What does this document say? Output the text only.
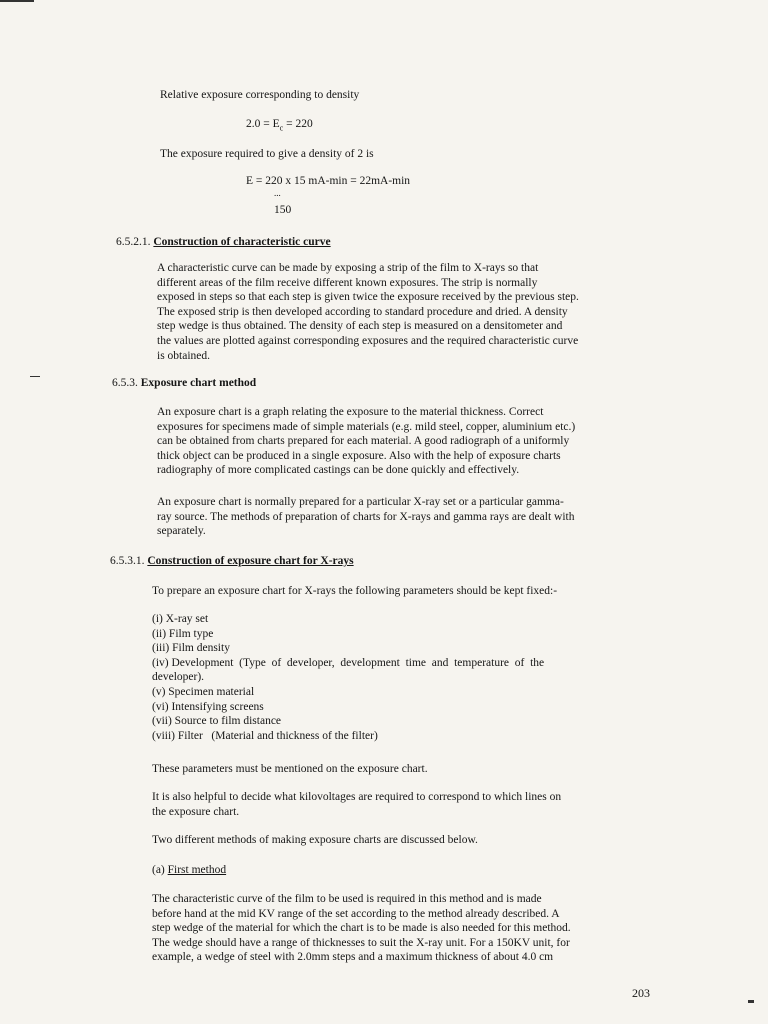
Relative exposure corresponding to density
$2.0 = E_c = 220$
The exposure required to give a density of 2 is
E = 220 x 15 mA-min = 22mA-min
...
150
6.5.2.1. Construction of characteristic curve
A characteristic curve can be made by exposing a strip of the film to X-rays so that
different areas of the film receive different known exposures. The strip is normally
exposed in steps so that each step is given twice the exposure received by the previous step.
The exposed strip is then developed according to standard procedure and dried. A density
step wedge is thus obtained. The density of each step is measured on a densitometer and
the values are plotted against corresponding exposures and the required characteristic curve
is obtained.
6.5.3. Exposure chart method
An exposure chart is a graph relating the exposure to the material thickness. Correct
exposures for specimens made of simple materials (e.g. mild steel, copper, aluminium etc.)
can be obtained from charts prepared for each material. A good radiograph of a uniformly
thick object can be produced in a single exposure. Also with the help of exposure charts
radiography of more complicated castings can be done quickly and effectively.
An exposure chart is normally prepared for a particular X-ray set or a particular gamma-
ray source. The methods of preparation of charts for X-rays and gamma rays are dealt with
separately.
6.5.3.1. Construction of exposure chart for X-rays
To prepare an exposure chart for X-rays the following parameters should be kept fixed:-
(i) X-ray set
(ii) Film type
(iii) Film density
(iv) Development  (Type  of  developer,  development  time  and  temperature  of  the
developer).
(v) Specimen material
(vi) Intensifying screens
(vii) Source to film distance
(viii) Filter   (Material and thickness of the filter)
These parameters must be mentioned on the exposure chart.
It is also helpful to decide what kilovoltages are required to correspond to which lines on
the exposure chart.
Two different methods of making exposure charts are discussed below.
(a) First method
The characteristic curve of the film to be used is required in this method and is made
before hand at the mid KV range of the set according to the method already described. A
step wedge of the material for which the chart is to be made is also needed for this method.
The wedge should have a range of thicknesses to suit the X-ray unit. For a 150KV unit, for
example, a wedge of steel with 2.0mm steps and a maximum thickness of about 4.0 cm
203
